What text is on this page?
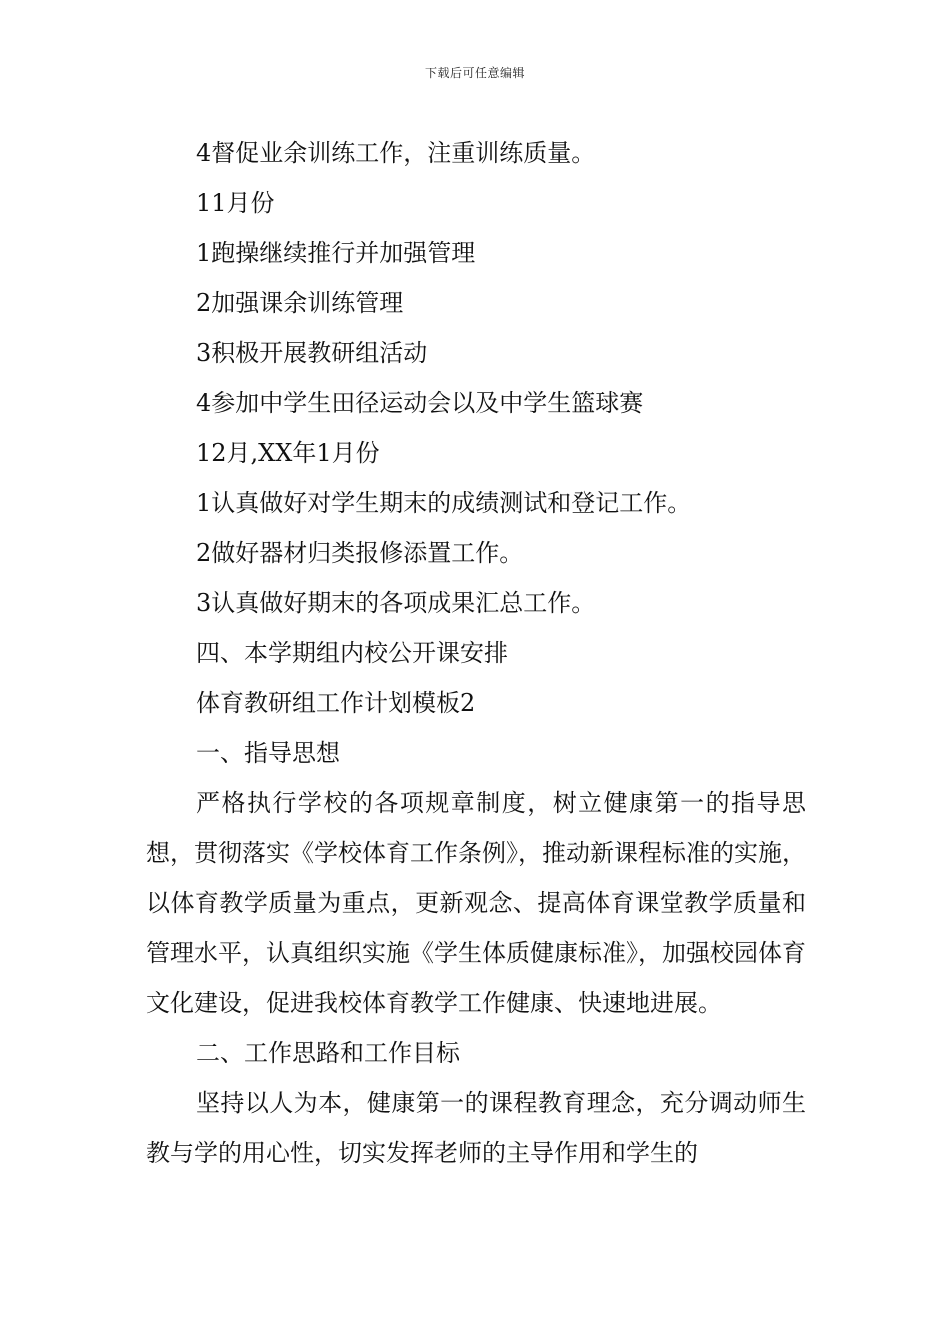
下载后可任意编辑
4督促业余训练工作，注重训练质量。
11月份
1跑操继续推行并加强管理
2加强课余训练管理
3积极开展教研组活动
4参加中学生田径运动会以及中学生篮球赛
12月,XX年1月份
1认真做好对学生期末的成绩测试和登记工作。
2做好器材归类报修添置工作。
3认真做好期末的各项成果汇总工作。
四、本学期组内校公开课安排
体育教研组工作计划模板2
一、指导思想

严格执行学校的各项规章制度，树立健康第一的指导思想，贯彻落实《学校体育工作条例》，推动新课程标准的实施，以体育教学质量为重点，更新观念、提高体育课堂教学质量和管理水平，认真组织实施《学生体质健康标准》，加强校园体育文化建设，促进我校体育教学工作健康、快速地进展。

二、工作思路和工作目标

坚持以人为本，健康第一的课程教育理念，充分调动师生教与学的用心性，切实发挥老师的主导作用和学生的
